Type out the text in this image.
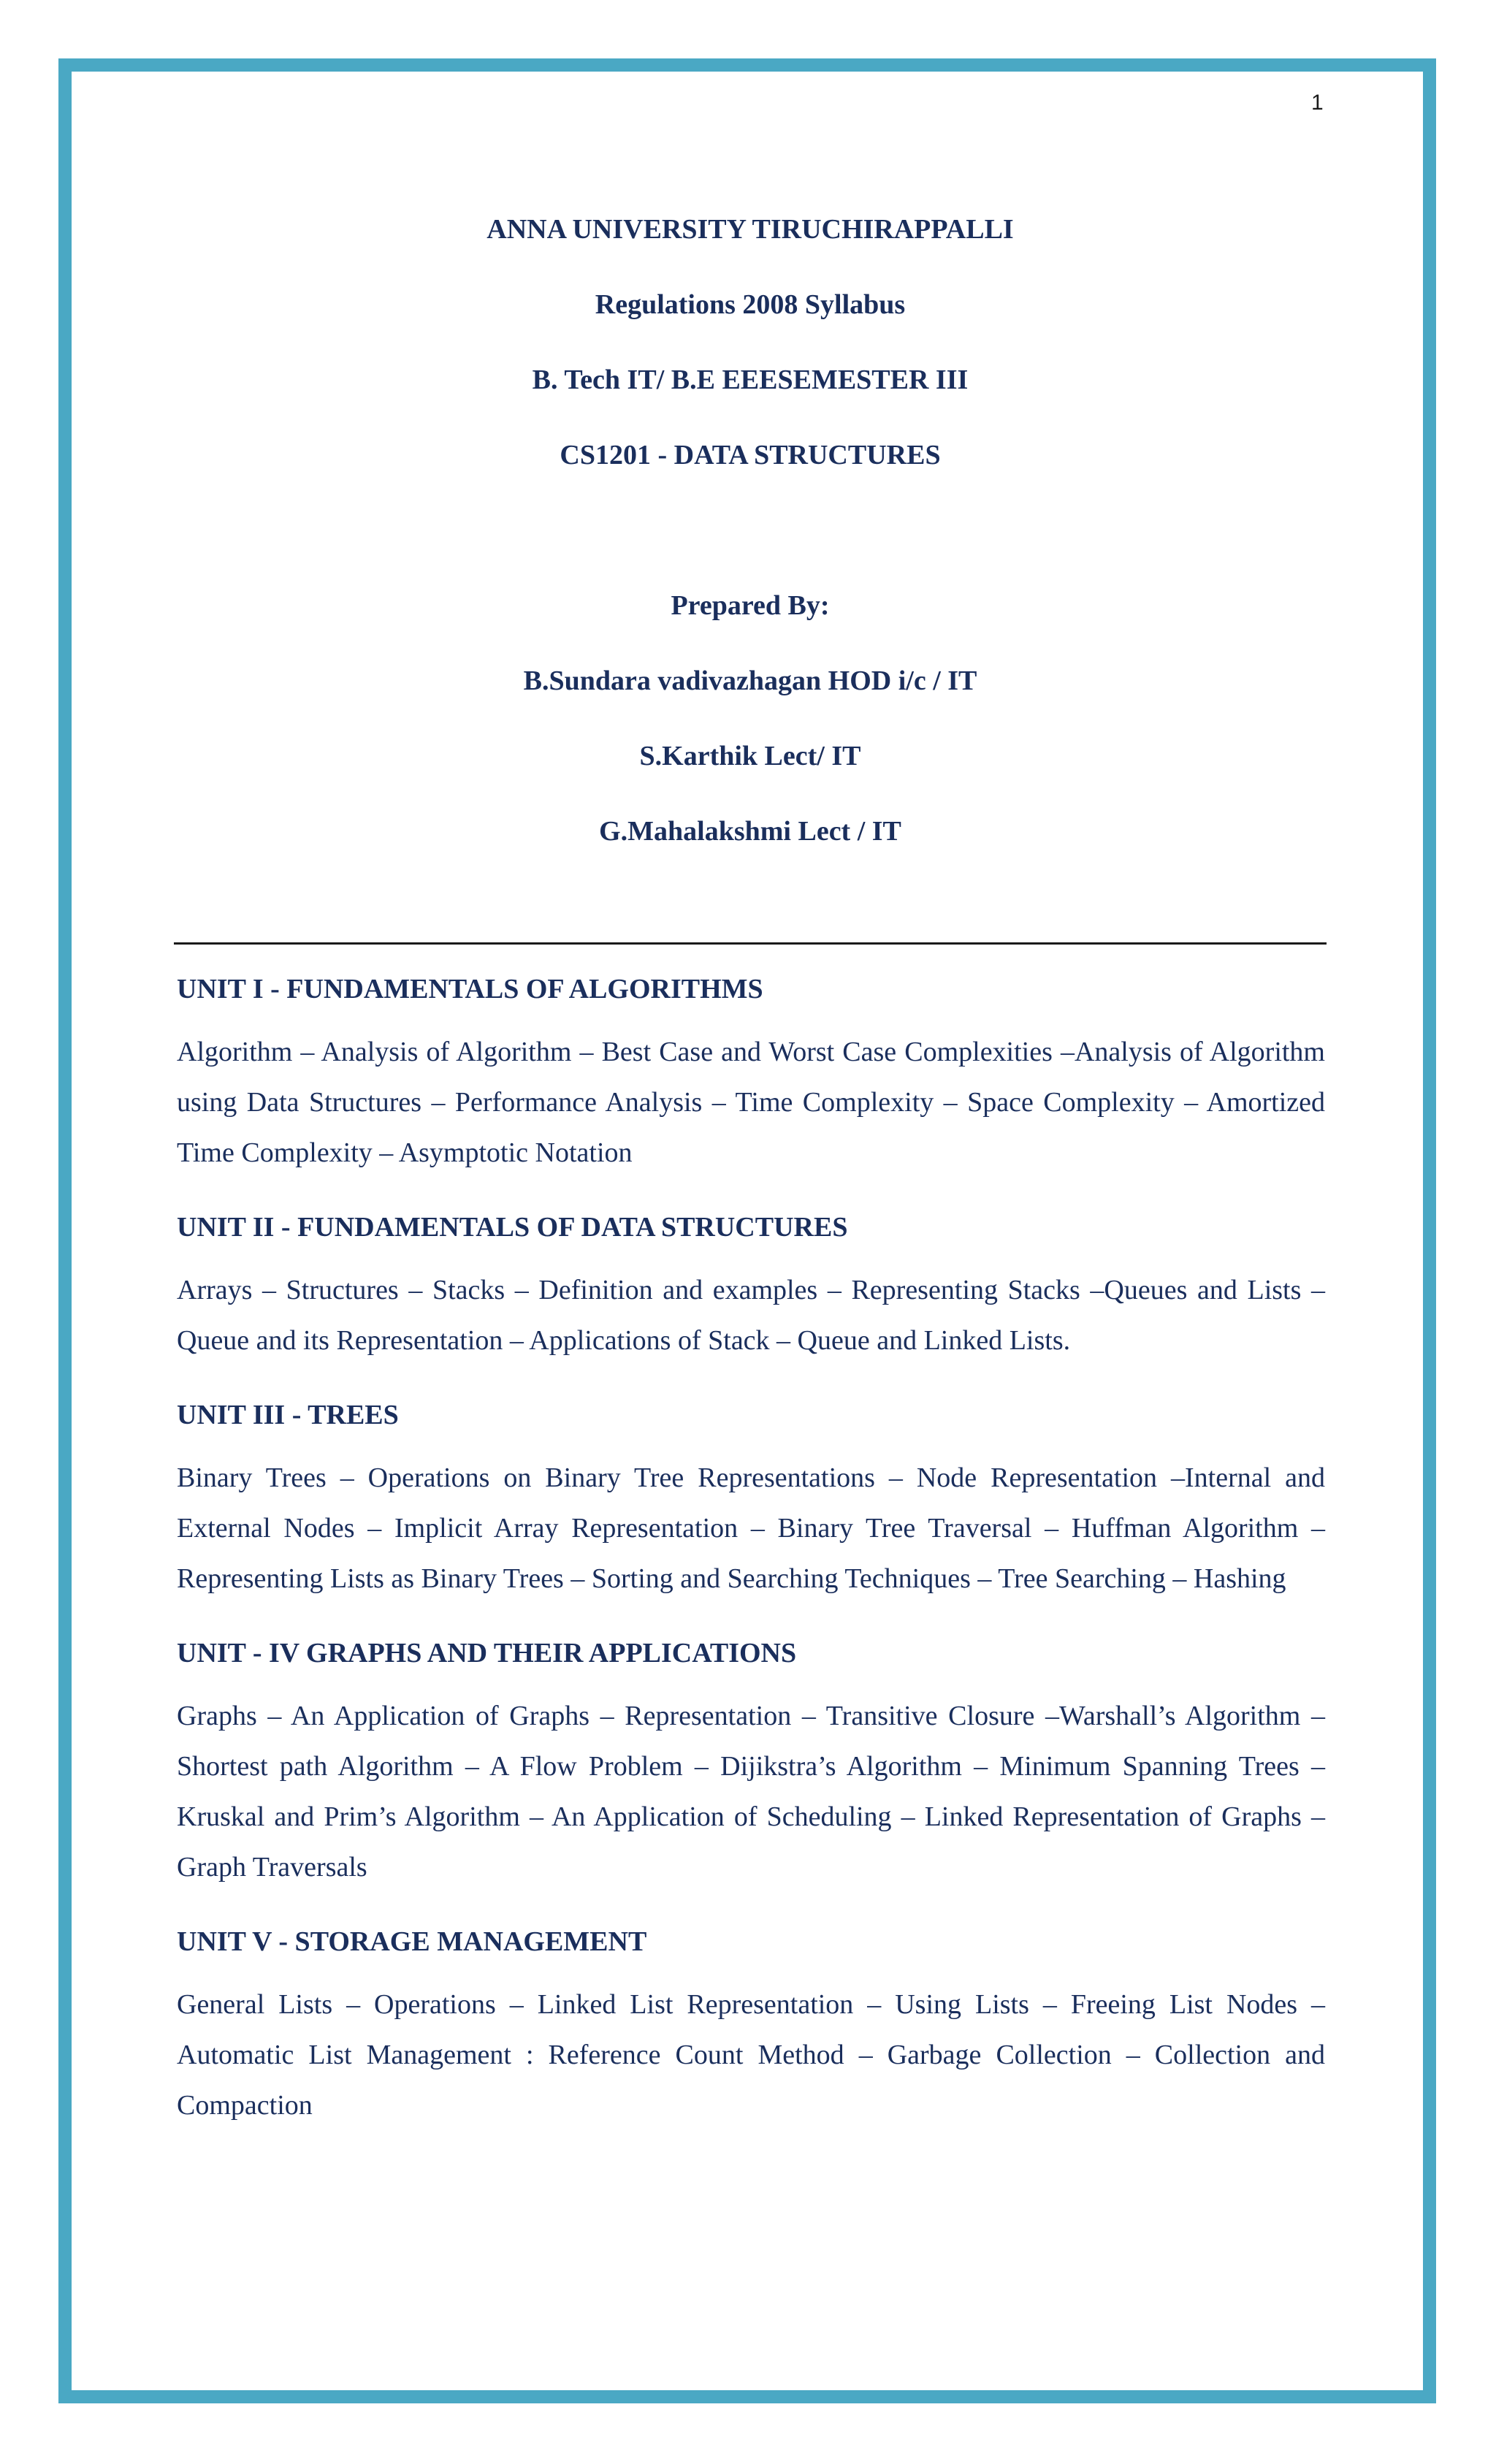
1
ANNA UNIVERSITY TIRUCHIRAPPALLI
Regulations 2008 Syllabus
B. Tech IT/ B.E EEESEMESTER III
CS1201 - DATA STRUCTURES
Prepared By:
B.Sundara vadivazhagan HOD i/c / IT
S.Karthik Lect/ IT
G.Mahalakshmi Lect / IT
UNIT I - FUNDAMENTALS OF ALGORITHMS
Algorithm – Analysis of Algorithm – Best Case and Worst Case Complexities –Analysis of Algorithm using Data Structures – Performance Analysis – Time Complexity – Space Complexity – Amortized Time Complexity – Asymptotic Notation
UNIT II - FUNDAMENTALS OF DATA STRUCTURES
Arrays – Structures – Stacks – Definition and examples – Representing Stacks –Queues and Lists – Queue and its Representation – Applications of Stack – Queue and Linked Lists.
UNIT III - TREES
Binary Trees – Operations on Binary Tree Representations – Node Representation –Internal and External Nodes – Implicit Array Representation – Binary Tree Traversal – Huffman Algorithm – Representing Lists as Binary Trees – Sorting and Searching Techniques – Tree Searching – Hashing
UNIT - IV GRAPHS AND THEIR APPLICATIONS
Graphs – An Application of Graphs – Representation – Transitive Closure –Warshall’s Algorithm – Shortest path Algorithm – A Flow Problem – Dijikstra’s Algorithm – Minimum Spanning Trees – Kruskal and Prim’s Algorithm – An Application of Scheduling – Linked Representation of Graphs – Graph Traversals
UNIT V - STORAGE MANAGEMENT
General Lists – Operations – Linked List Representation – Using Lists – Freeing List Nodes – Automatic List Management : Reference Count Method – Garbage Collection – Collection and Compaction
